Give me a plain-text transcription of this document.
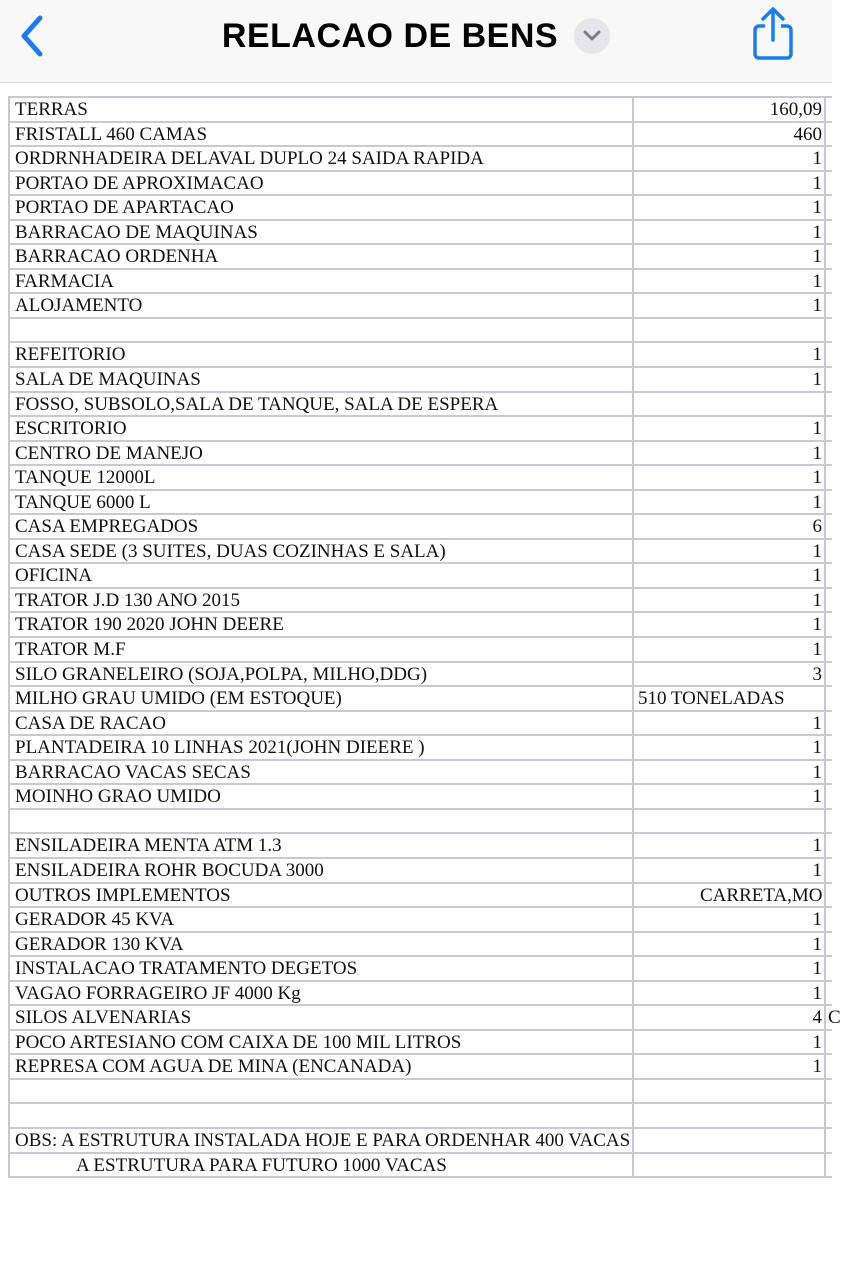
RELACAO DE BENS
TERRAS	160,09
FRISTALL 460 CAMAS	460
ORDRNHADEIRA DELAVAL DUPLO 24 SAIDA RAPIDA	1
PORTAO DE APROXIMACAO	1
PORTAO DE APARTACAO	1
BARRACAO DE MAQUINAS	1
BARRACAO ORDENHA	1
FARMACIA	1
ALOJAMENTO	1
REFEITORIO	1
SALA DE MAQUINAS	1
FOSSO, SUBSOLO,SALA DE TANQUE, SALA DE ESPERA
ESCRITORIO	1
CENTRO DE MANEJO	1
TANQUE 12000L	1
TANQUE 6000 L	1
CASA EMPREGADOS	6
CASA SEDE (3 SUITES, DUAS COZINHAS E SALA)	1
OFICINA	1
TRATOR J.D 130 ANO 2015	1
TRATOR 190 2020 JOHN DEERE	1
TRATOR M.F	1
SILO GRANELEIRO (SOJA,POLPA, MILHO,DDG)	3
MILHO GRAU UMIDO (EM ESTOQUE)	510 TONELADAS
CASA DE RACAO	1
PLANTADEIRA 10 LINHAS 2021(JOHN DIEERE )	1
BARRACAO VACAS SECAS	1
MOINHO GRAO UMIDO	1
ENSILADEIRA MENTA ATM 1.3	1
ENSILADEIRA ROHR BOCUDA 3000	1
OUTROS IMPLEMENTOS	CARRETA,MO
GERADOR 45 KVA	1
GERADOR 130 KVA	1
INSTALACAO TRATAMENTO DEGETOS	1
VAGAO FORRAGEIRO JF 4000 Kg	1
SILOS ALVENARIAS	4 C
POCO ARTESIANO COM CAIXA DE 100 MIL LITROS	1
REPRESA COM AGUA DE MINA (ENCANADA)	1
OBS: A ESTRUTURA INSTALADA HOJE E PARA ORDENHAR 400 VACAS
A ESTRUTURA PARA FUTURO 1000 VACAS
